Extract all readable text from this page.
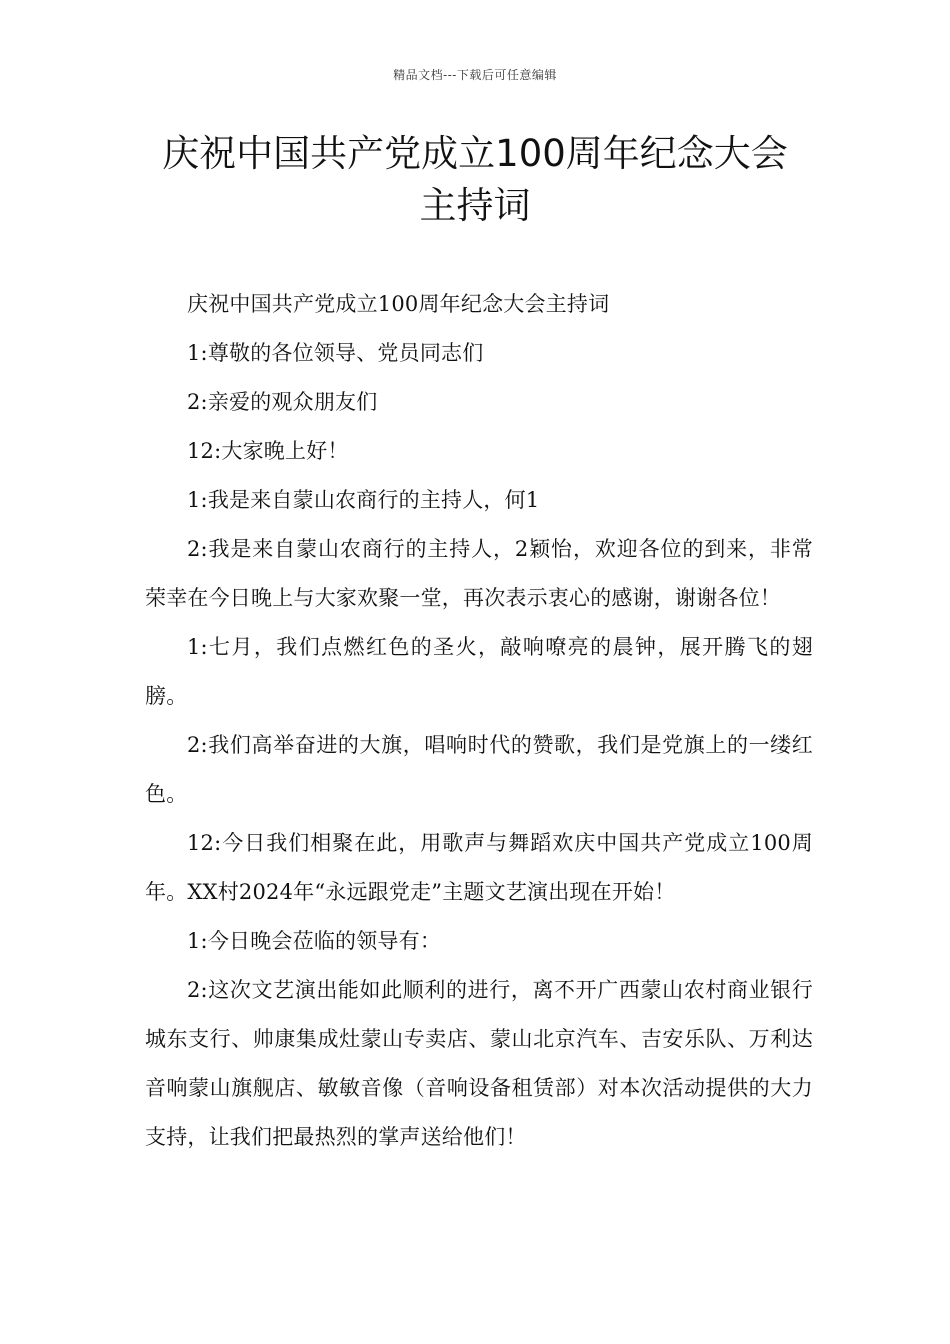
精品文档---下载后可任意编辑
庆祝中国共产党成立100周年纪念大会
主持词

庆祝中国共产党成立100周年纪念大会主持词

1:尊敬的各位领导、党员同志们

2:亲爱的观众朋友们

12:大家晚上好！

1:我是来自蒙山农商行的主持人，何1

2:我是来自蒙山农商行的主持人，2颖怡，欢迎各位的到来，非常荣幸在今日晚上与大家欢聚一堂，再次表示衷心的感谢，谢谢各位！

1:七月，我们点燃红色的圣火，敲响嘹亮的晨钟，展开腾飞的翅膀。

2:我们高举奋进的大旗，唱响时代的赞歌，我们是党旗上的一缕红色。

12:今日我们相聚在此，用歌声与舞蹈欢庆中国共产党成立100周年。XX村2024年“永远跟党走”主题文艺演出现在开始！

1:今日晚会莅临的领导有：

2:这次文艺演出能如此顺利的进行，离不开广西蒙山农村商业银行城东支行、帅康集成灶蒙山专卖店、蒙山北京汽车、吉安乐队、万利达音响蒙山旗舰店、敏敏音像（音响设备租赁部）对本次活动提供的大力支持，让我们把最热烈的掌声送给他们！
